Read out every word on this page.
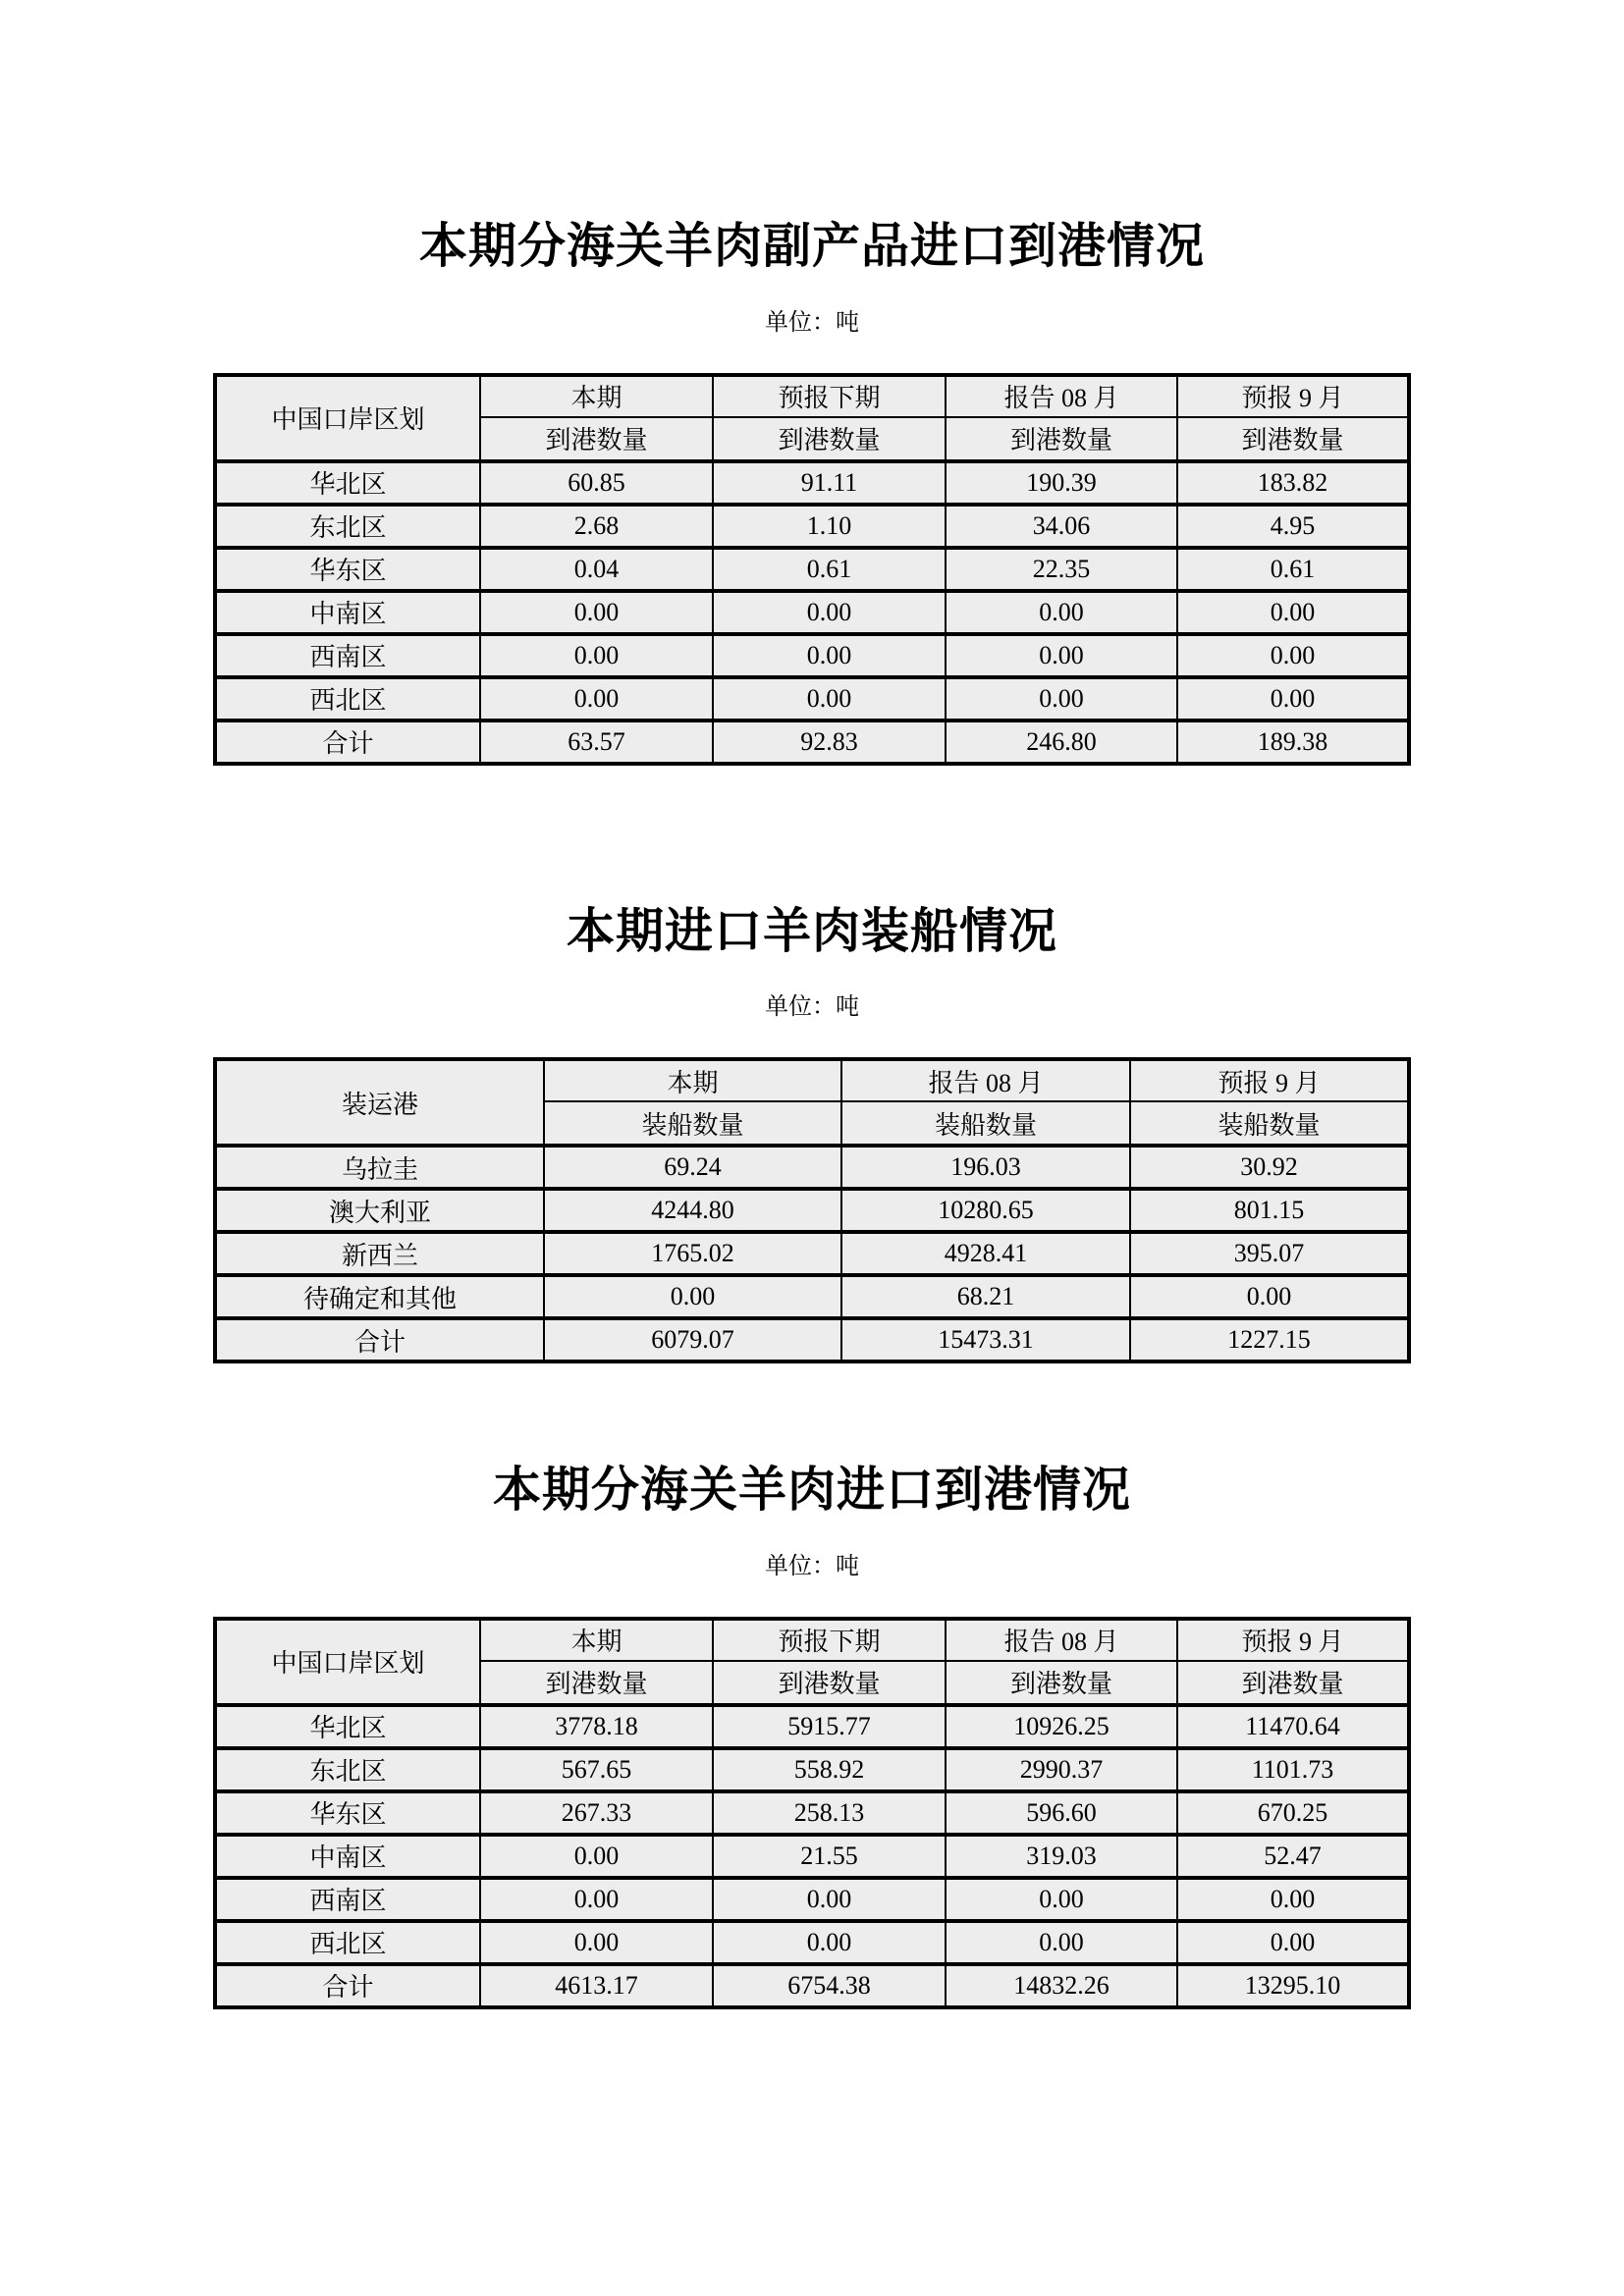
本期分海关羊肉副产品进口到港情况
单位：吨
中国口岸区划	本期	预报下期	报告 08 月	预报 9 月
	到港数量	到港数量	到港数量	到港数量
华北区	60.85	91.11	190.39	183.82
东北区	2.68	1.10	34.06	4.95
华东区	0.04	0.61	22.35	0.61
中南区	0.00	0.00	0.00	0.00
西南区	0.00	0.00	0.00	0.00
西北区	0.00	0.00	0.00	0.00
合计	63.57	92.83	246.80	189.38
本期进口羊肉装船情况
单位：吨
装运港	本期	报告 08 月	预报 9 月
	装船数量	装船数量	装船数量
乌拉圭	69.24	196.03	30.92
澳大利亚	4244.80	10280.65	801.15
新西兰	1765.02	4928.41	395.07
待确定和其他	0.00	68.21	0.00
合计	6079.07	15473.31	1227.15
本期分海关羊肉进口到港情况
单位：吨
中国口岸区划	本期	预报下期	报告 08 月	预报 9 月
	到港数量	到港数量	到港数量	到港数量
华北区	3778.18	5915.77	10926.25	11470.64
东北区	567.65	558.92	2990.37	1101.73
华东区	267.33	258.13	596.60	670.25
中南区	0.00	21.55	319.03	52.47
西南区	0.00	0.00	0.00	0.00
西北区	0.00	0.00	0.00	0.00
合计	4613.17	6754.38	14832.26	13295.10
